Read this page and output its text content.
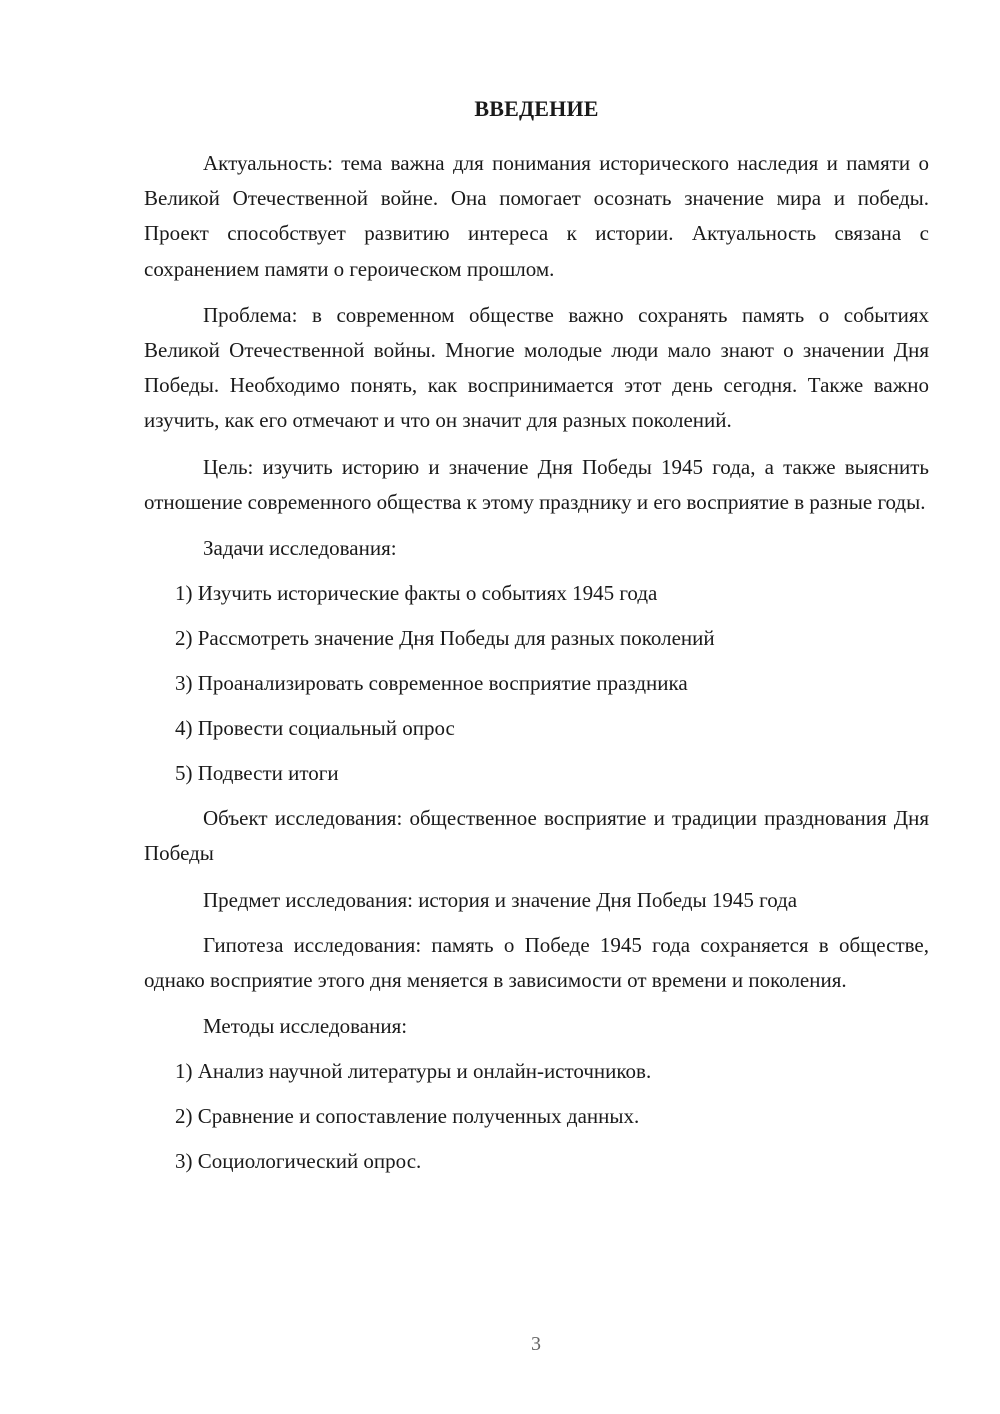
ВВЕДЕНИЕ

Актуальность: тема важна для понимания исторического наследия и памяти о Великой Отечественной войне. Она помогает осознать значение мира и победы. Проект способствует развитию интереса к истории. Актуальность связана с сохранением памяти о героическом прошлом.

Проблема: в современном обществе важно сохранять память о событиях Великой Отечественной войны. Многие молодые люди мало знают о значении Дня Победы. Необходимо понять, как воспринимается этот день сегодня. Также важно изучить, как его отмечают и что он значит для разных поколений.

Цель: изучить историю и значение Дня Победы 1945 года, а также выяснить отношение современного общества к этому празднику и его восприятие в разные годы.

Задачи исследования:

1) Изучить исторические факты о событиях 1945 года
2) Рассмотреть значение Дня Победы для разных поколений
3) Проанализировать современное восприятие праздника
4) Провести социальный опрос
5) Подвести итоги

Объект исследования: общественное восприятие и традиции празднования Дня Победы

Предмет исследования: история и значение Дня Победы 1945 года

Гипотеза исследования: память о Победе 1945 года сохраняется в обществе, однако восприятие этого дня меняется в зависимости от времени и поколения.

Методы исследования:

1) Анализ научной литературы и онлайн-источников.
2) Сравнение и сопоставление полученных данных.
3) Социологический опрос.
3
